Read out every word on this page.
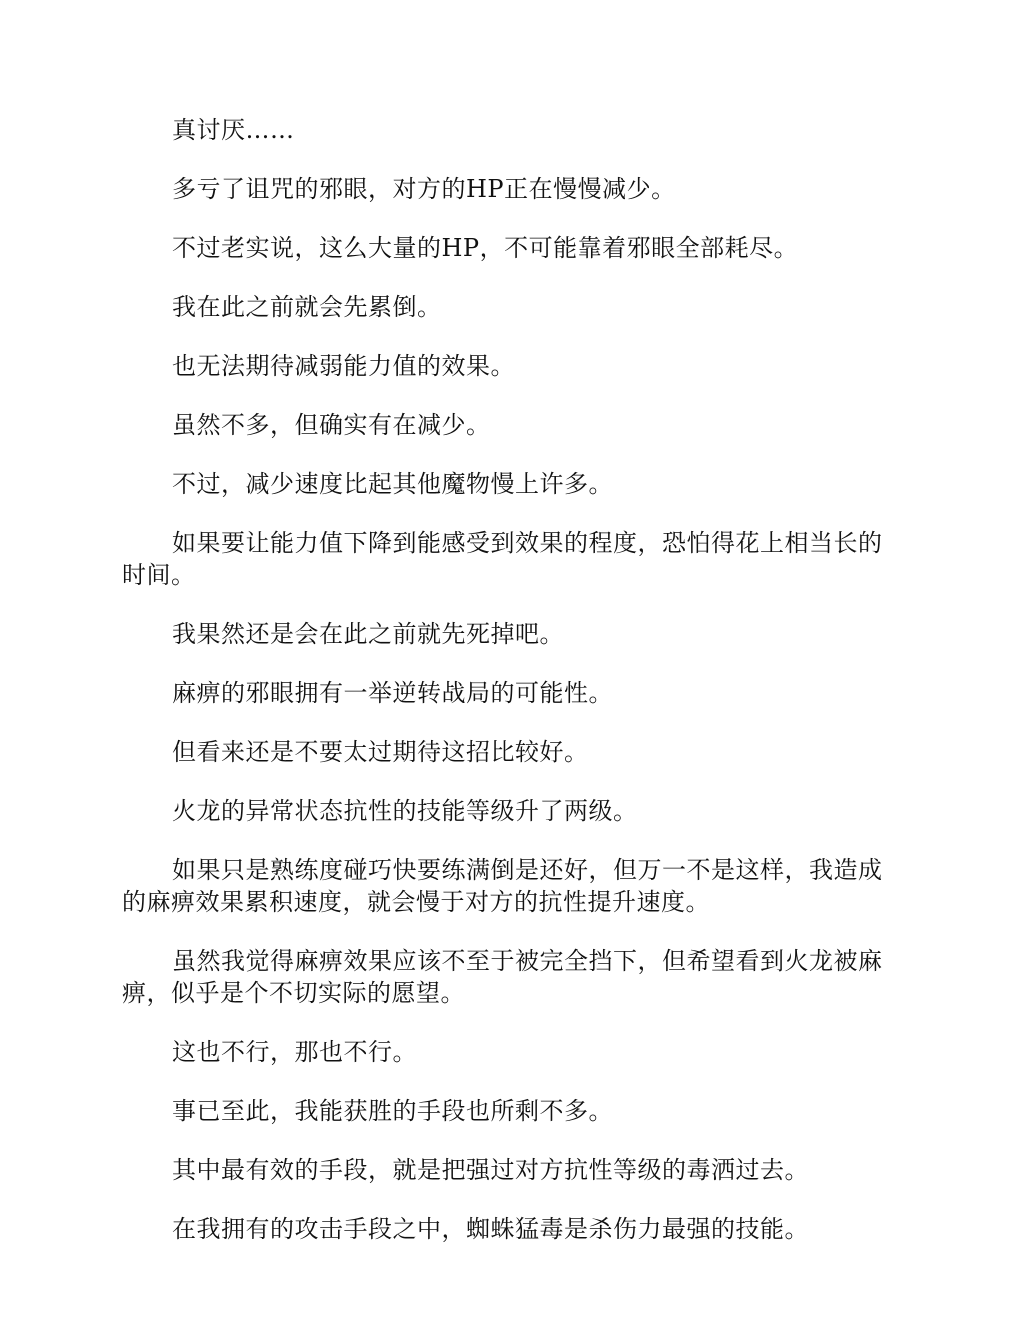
真讨厌……

多亏了诅咒的邪眼，对方的HP正在慢慢减少。

不过老实说，这么大量的HP，不可能靠着邪眼全部耗尽。

我在此之前就会先累倒。

也无法期待减弱能力值的效果。

虽然不多，但确实有在减少。

不过，减少速度比起其他魔物慢上许多。

如果要让能力值下降到能感受到效果的程度，恐怕得花上相当长的时间。

我果然还是会在此之前就先死掉吧。

麻痹的邪眼拥有一举逆转战局的可能性。

但看来还是不要太过期待这招比较好。

火龙的异常状态抗性的技能等级升了两级。

如果只是熟练度碰巧快要练满倒是还好，但万一不是这样，我造成的麻痹效果累积速度，就会慢于对方的抗性提升速度。

虽然我觉得麻痹效果应该不至于被完全挡下，但希望看到火龙被麻痹，似乎是个不切实际的愿望。

这也不行，那也不行。

事已至此，我能获胜的手段也所剩不多。

其中最有效的手段，就是把强过对方抗性等级的毒洒过去。

在我拥有的攻击手段之中，蜘蛛猛毒是杀伤力最强的技能。
